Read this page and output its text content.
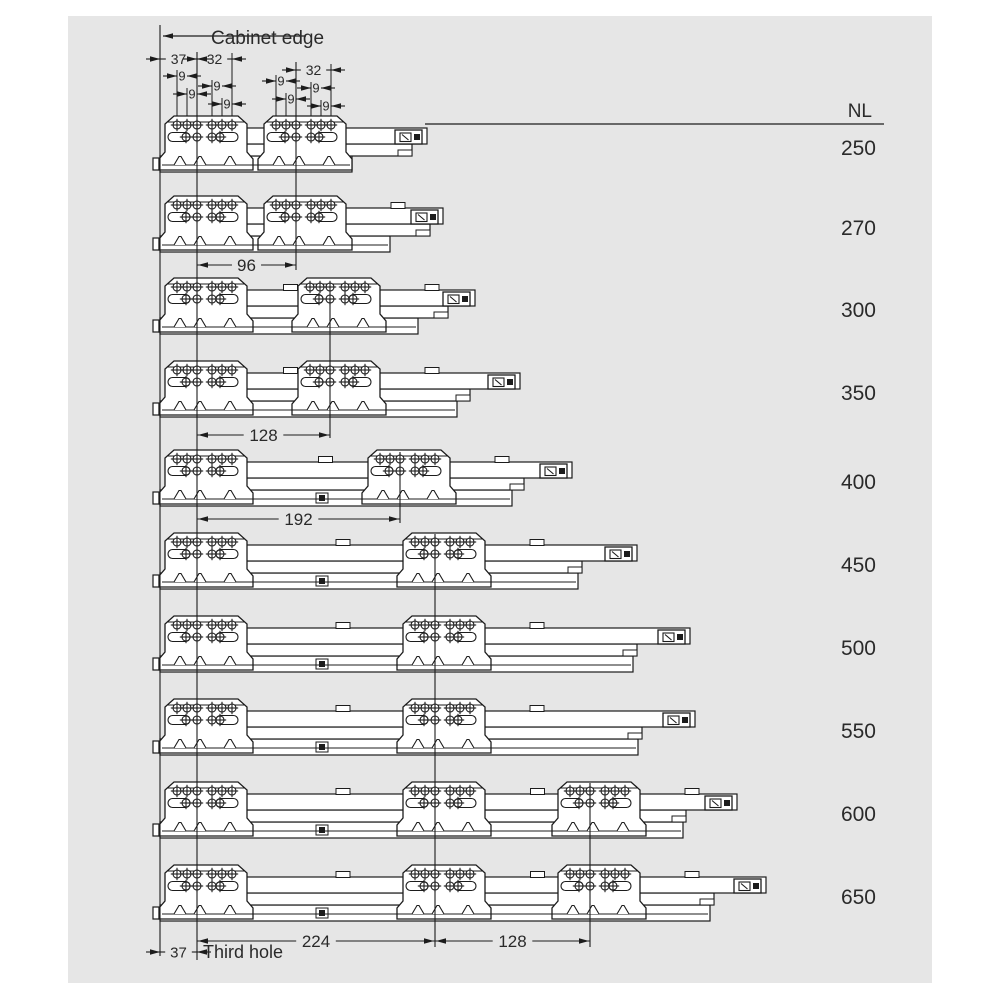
96
128
192
37 32
9
9
9
9
32
9
9
9
9
224	128
37
Cabinet edge
Third hole
NL
250
270
300
350
400
450
500
550
600
650
